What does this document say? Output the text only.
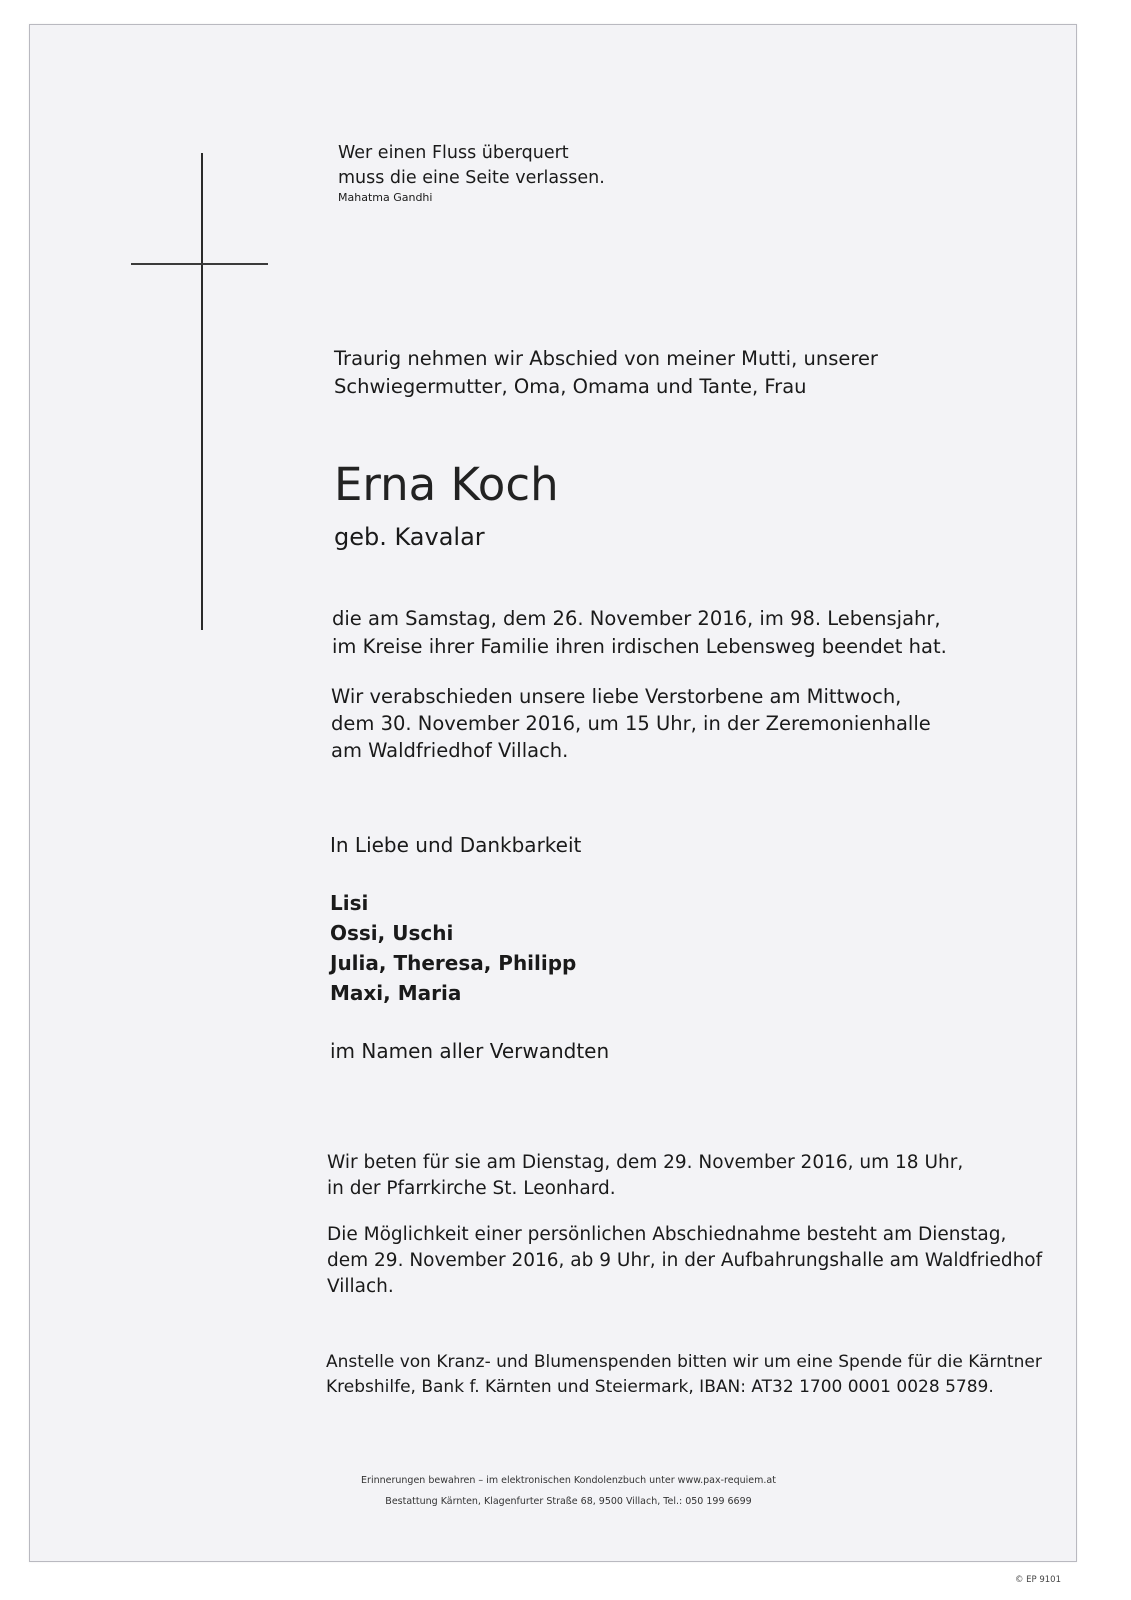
Wer einen Fluss überquert
muss die eine Seite verlassen.
Mahatma Gandhi
Traurig nehmen wir Abschied von meiner Mutti, unserer
Schwiegermutter, Oma, Omama und Tante, Frau
Erna Koch
geb. Kavalar
die am Samstag, dem 26. November 2016, im 98. Lebensjahr,
im Kreise ihrer Familie ihren irdischen Lebensweg beendet hat.
Wir verabschieden unsere liebe Verstorbene am Mittwoch,
dem 30. November 2016, um 15 Uhr, in der Zeremonienhalle
am Waldfriedhof Villach.
In Liebe und Dankbarkeit
Lisi
Ossi, Uschi
Julia, Theresa, Philipp
Maxi, Maria
im Namen aller Verwandten
Wir beten für sie am Dienstag, dem 29. November 2016, um 18 Uhr,
in der Pfarrkirche St. Leonhard.
Die Möglichkeit einer persönlichen Abschiednahme besteht am Dienstag,
dem 29. November 2016, ab 9 Uhr, in der Aufbahrungshalle am Waldfriedhof
Villach.
Anstelle von Kranz- und Blumenspenden bitten wir um eine Spende für die Kärntner
Krebshilfe, Bank f. Kärnten und Steiermark, IBAN: AT32 1700 0001 0028 5789.
Erinnerungen bewahren – im elektronischen Kondolenzbuch unter www.pax-requiem.at
Bestattung Kärnten, Klagenfurter Straße 68, 9500 Villach, Tel.: 050 199 6699
© EP 9101
